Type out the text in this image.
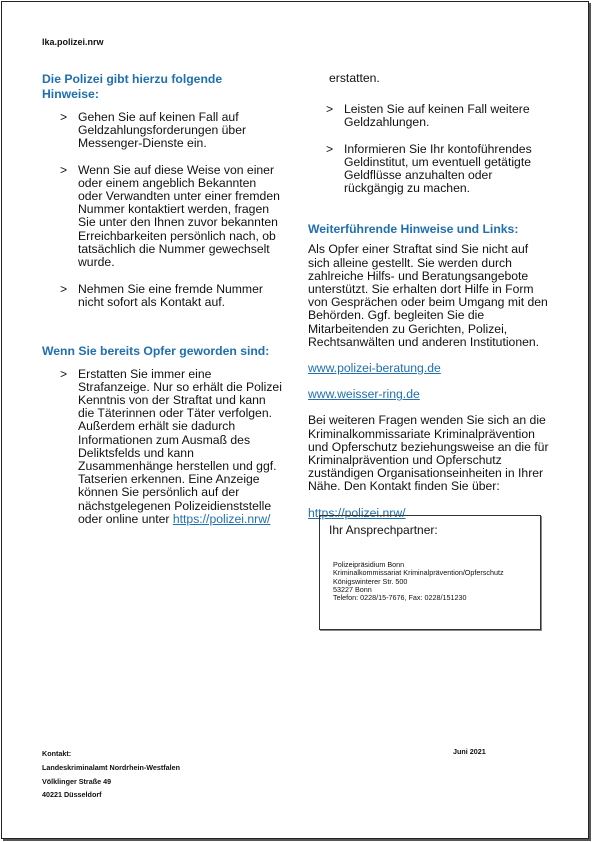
lka.polizei.nrw
Die Polizei gibt hierzu folgende Hinweise:
> Gehen Sie auf keinen Fall auf
Geldzahlungsforderungen über
Messenger-Dienste ein.
> Wenn Sie auf diese Weise von einer
oder einem angeblich Bekannten
oder Verwandten unter einer fremden
Nummer kontaktiert werden, fragen
Sie unter den Ihnen zuvor bekannten
Erreichbarkeiten persönlich nach, ob
tatsächlich die Nummer gewechselt
wurde.
> Nehmen Sie eine fremde Nummer
nicht sofort als Kontakt auf.
Wenn Sie bereits Opfer geworden sind:
> Erstatten Sie immer eine
Strafanzeige. Nur so erhält die Polizei
Kenntnis von der Straftat und kann
die Täterinnen oder Täter verfolgen.
Außerdem erhält sie dadurch
Informationen zum Ausmaß des
Deliktsfelds und kann
Zusammenhänge herstellen und ggf.
Tatserien erkennen. Eine Anzeige
können Sie persönlich auf der
nächstgelegenen Polizeidienststelle
oder online unter https://polizei.nrw/
erstatten.
> Leisten Sie auf keinen Fall weitere
Geldzahlungen.
> Informieren Sie Ihr kontoführendes
Geldinstitut, um eventuell getätigte
Geldflüsse anzuhalten oder
rückgängig zu machen.
Weiterführende Hinweise und Links:

Als Opfer einer Straftat sind Sie nicht auf
sich alleine gestellt. Sie werden durch
zahlreiche Hilfs- und Beratungsangebote
unterstützt. Sie erhalten dort Hilfe in Form
von Gesprächen oder beim Umgang mit den
Behörden. Ggf. begleiten Sie die
Mitarbeitenden zu Gerichten, Polizei,
Rechtsanwälten und anderen Institutionen.

www.polizei-beratung.de

www.weisser-ring.de

Bei weiteren Fragen wenden Sie sich an die
Kriminalkommissariate Kriminalprävention
und Opferschutz beziehungsweise an die für
Kriminalprävention und Opferschutz
zuständigen Organisationseinheiten in Ihrer
Nähe. Den Kontakt finden Sie über:

https://polizei.nrw/

Ihr Ansprechpartner:
Polizeipräsidium Bonn
Kriminalkommissariat Kriminalprävention/Opferschutz
Königswinterer Str. 500
53227 Bonn
Telefon: 0228/15-7676, Fax: 0228/151230
Kontakt:
Landeskriminalamt Nordrhein-Westfalen
Völklinger Straße 49
40221 Düsseldorf
Juni 2021
